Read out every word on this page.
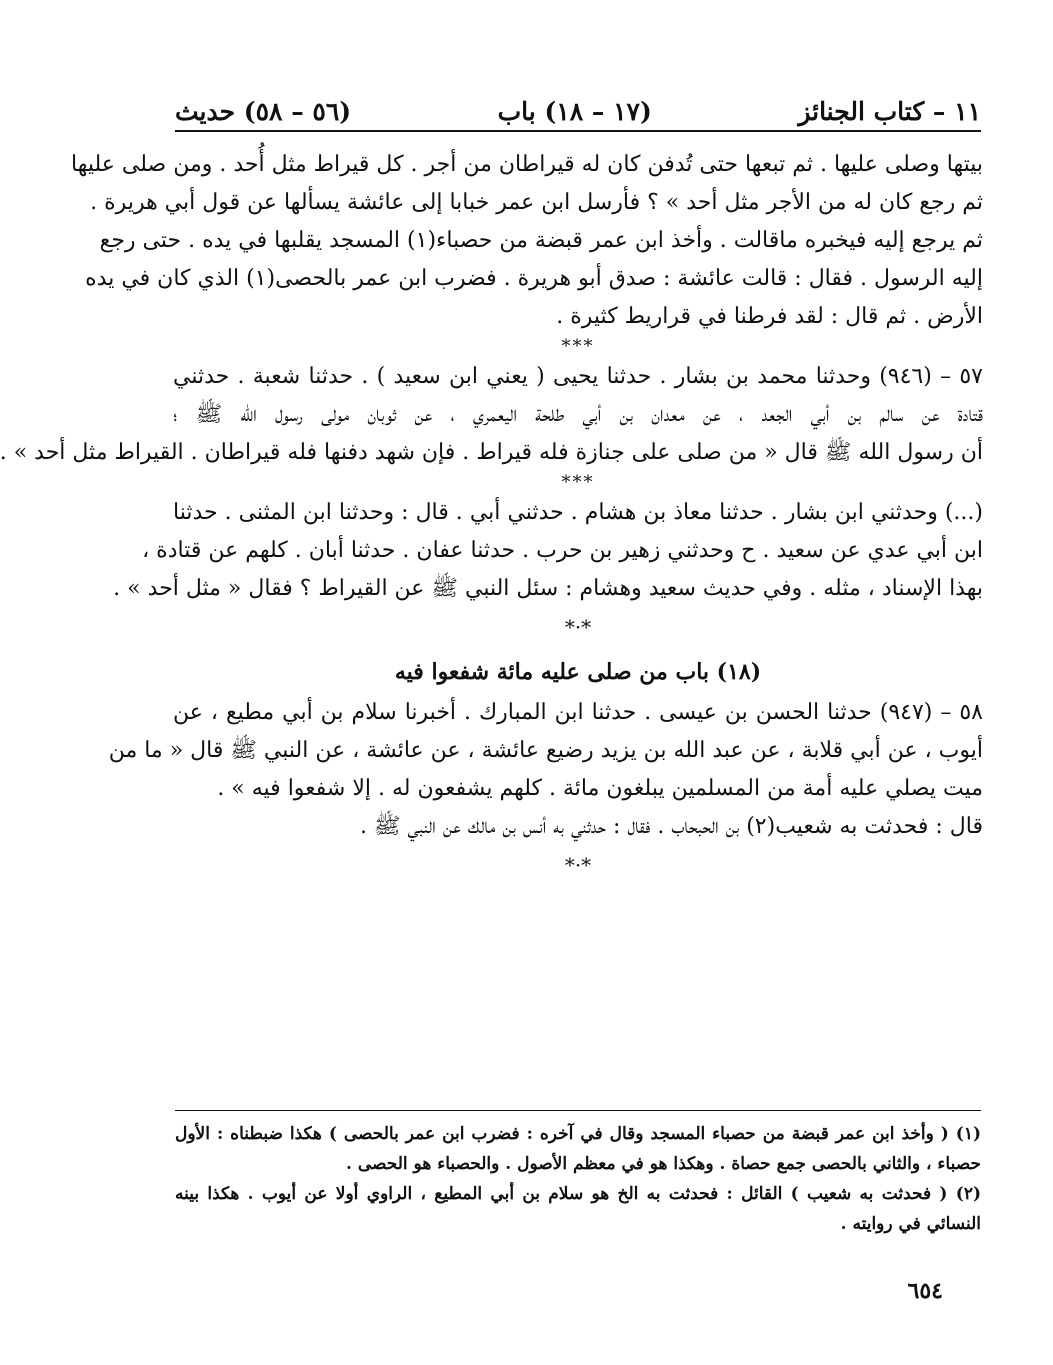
١١ – كتاب الجنائز
(١٧ – ١٨) باب
(٥٦ – ٥٨) حديث
بيتها وصلى عليها . ثم تبعها حتى تُدفن كان له قيراطان من أجر . كل قيراط مثل أُحد . ومن صلى عليها
ثم رجع كان له من الأجر مثل أحد » ؟ فأرسل ابن عمر خبابا إلى عائشة يسألها عن قول أبي هريرة .
ثم يرجع إليه فيخبره ماقالت . وأخذ ابن عمر قبضة من حصباء(١) المسجد يقلبها في يده . حتى رجع
إليه الرسول . فقال : قالت عائشة : صدق أبو هريرة . فضرب ابن عمر بالحصى(١) الذي كان في يده
الأرض . ثم قال : لقد فرطنا في قراريط كثيرة .
***
٥٧ – (٩٤٦) وحدثنا محمد بن بشار . حدثنا يحيى ( يعني ابن سعيد ) . حدثنا شعبة . حدثني
قتادة عن سالم بن أبي الجعد ، عن معدان بن أبي طلحة اليعمري ، عن ثوبان مولى رسول الله ﷺ ؛
أن رسول الله ﷺ قال « من صلى على جنازة فله قيراط . فإن شهد دفنها فله قيراطان . القيراط مثل أحد » .
***
(...) وحدثني ابن بشار . حدثنا معاذ بن هشام . حدثني أبي . قال : وحدثنا ابن المثنى . حدثنا
ابن أبي عدي عن سعيد . ح وحدثني زهير بن حرب . حدثنا عفان . حدثنا أبان . كلهم عن قتادة ،
بهذا الإسناد ، مثله . وفي حديث سعيد وهشام : سئل النبي ﷺ عن القيراط ؟ فقال « مثل أحد » .
*·*
(١٨) باب من صلى عليه مائة شفعوا فيه
٥٨ – (٩٤٧) حدثنا الحسن بن عيسى . حدثنا ابن المبارك . أخبرنا سلام بن أبي مطيع ، عن
أيوب ، عن أبي قلابة ، عن عبد الله بن يزيد رضيع عائشة ، عن عائشة ، عن النبي ﷺ قال « ما من
ميت يصلي عليه أمة من المسلمين يبلغون مائة . كلهم يشفعون له . إلا شفعوا فيه » .
قال : فحدثت به شعيب(٢) بن الحبحاب . فقال : حدثني به أنس بن مالك عن النبي ﷺ .
*·*
(١) ( وأخذ ابن عمر قبضة من حصباء المسجد وقال في آخره : فضرب ابن عمر بالحصى ) هكذا ضبطناه : الأول
حصباء ، والثاني بالحصى جمع حصاة . وهكذا هو في معظم الأصول . والحصباء هو الحصى .
(٢) ( فحدثت به شعيب ) القائل : فحدثت به الخ هو سلام بن أبي المطيع ، الراوي أولا عن أيوب . هكذا بينه
النسائي في روايته .
٦٥٤
